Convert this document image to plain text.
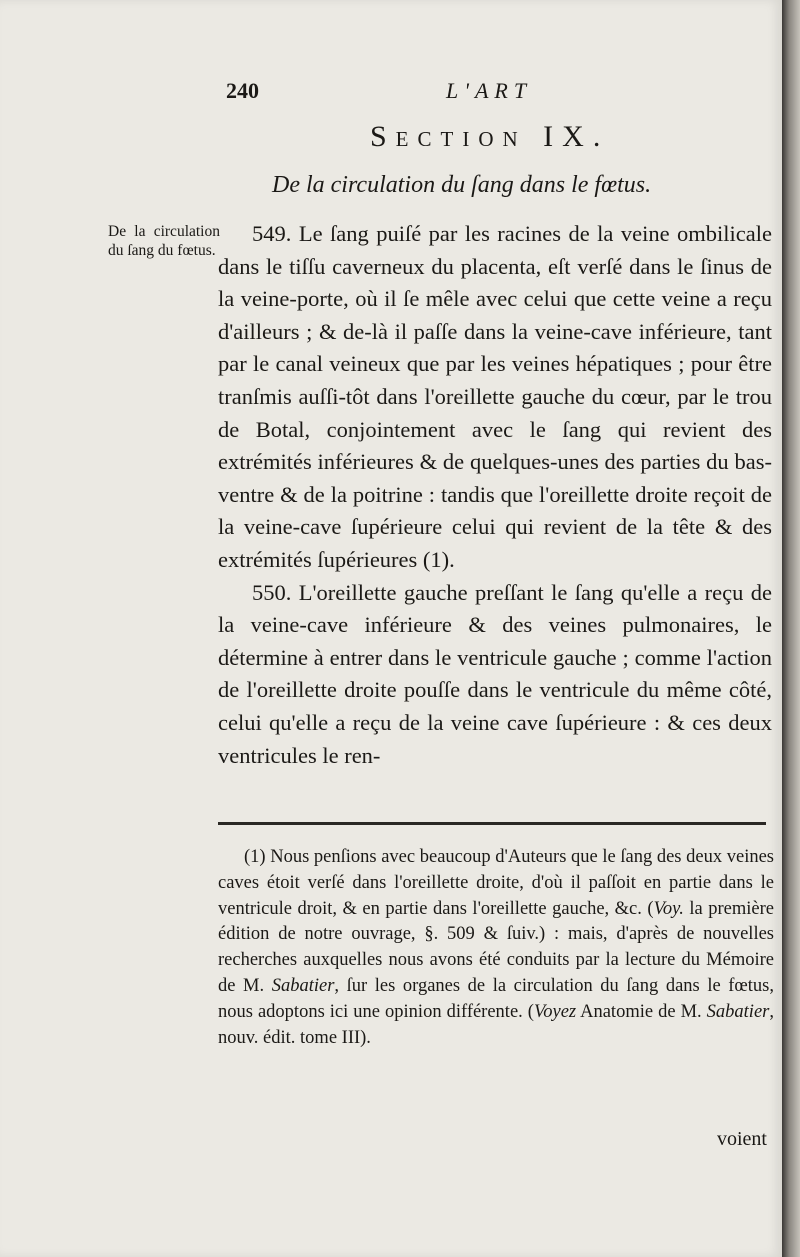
240	L'ART
Section IX.
De la circulation du ſang dans le fœtus.
De la circulation du ſang du fœtus.

549. Le ſang puiſé par les racines de la veine ombilicale dans le tiſſu caverneux du placenta, eſt verſé dans le ſinus de la veine-porte, où il ſe mêle avec celui que cette veine a reçu d'ailleurs ; & de-là il paſſe dans la veine-cave inférieure, tant par le canal veineux que par les veines hépatiques ; pour être tranſmis auſſi-tôt dans l'oreillette gauche du cœur, par le trou de Botal, conjointement avec le ſang qui revient des extrémités inférieures & de quelques-unes des parties du bas-ventre & de la poitrine : tandis que l'oreillette droite reçoit de la veine-cave ſupérieure celui qui revient de la tête & des extrémités ſupérieures (1).

550. L'oreillette gauche preſſant le ſang qu'elle a reçu de la veine-cave inférieure & des veines pulmonaires, le détermine à entrer dans le ventricule gauche ; comme l'action de l'oreillette droite pouſſe dans le ventricule du même côté, celui qu'elle a reçu de la veine cave ſupérieure : & ces deux ventricules le ren-

(1) Nous penſions avec beaucoup d'Auteurs que le ſang des deux veines caves étoit verſé dans l'oreillette droite, d'où il paſſoit en partie dans le ventricule droit, & en partie dans l'oreillette gauche, &c. (Voy. la première édition de notre ouvrage, §. 509 & ſuiv.) : mais, d'après de nouvelles recherches auxquelles nous avons été conduits par la lecture du Mémoire de M. Sabatier, ſur les organes de la circulation du ſang dans le fœtus, nous adoptons ici une opinion différente. (Voyez Anatomie de M. Sabatier, nouv. édit. tome III).

voient
